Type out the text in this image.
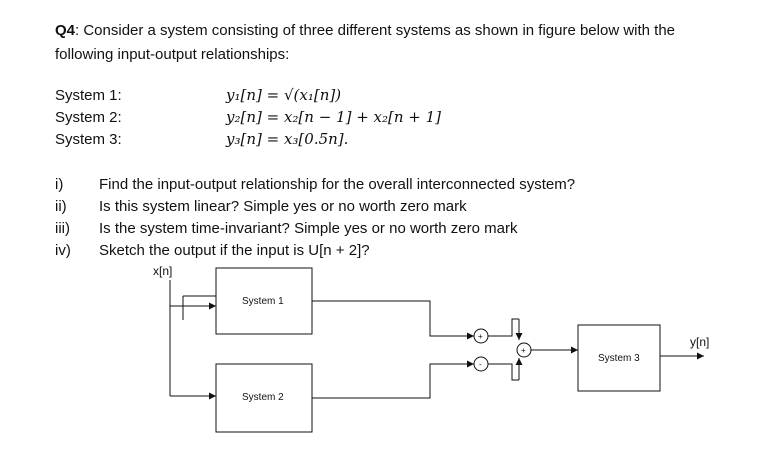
Q4: Consider a system consisting of three different systems as shown in figure below with the
following input-output relationships:
System 1:
System 2:
System 3:
y₁[n] = √(x₁[n])
y₂[n] = x₂[n − 1] + x₂[n + 1]
y₃[n] = x₃[0.5n].
i) Find the input-output relationship for the overall interconnected system?
ii) Is this system linear? Simple yes or no worth zero mark
iii) Is the system time-invariant? Simple yes or no worth zero mark
iv) Sketch the output if the input is U[n + 2]?
x[n]
System 1
System 2
System 3
+
-
+
y[n]
